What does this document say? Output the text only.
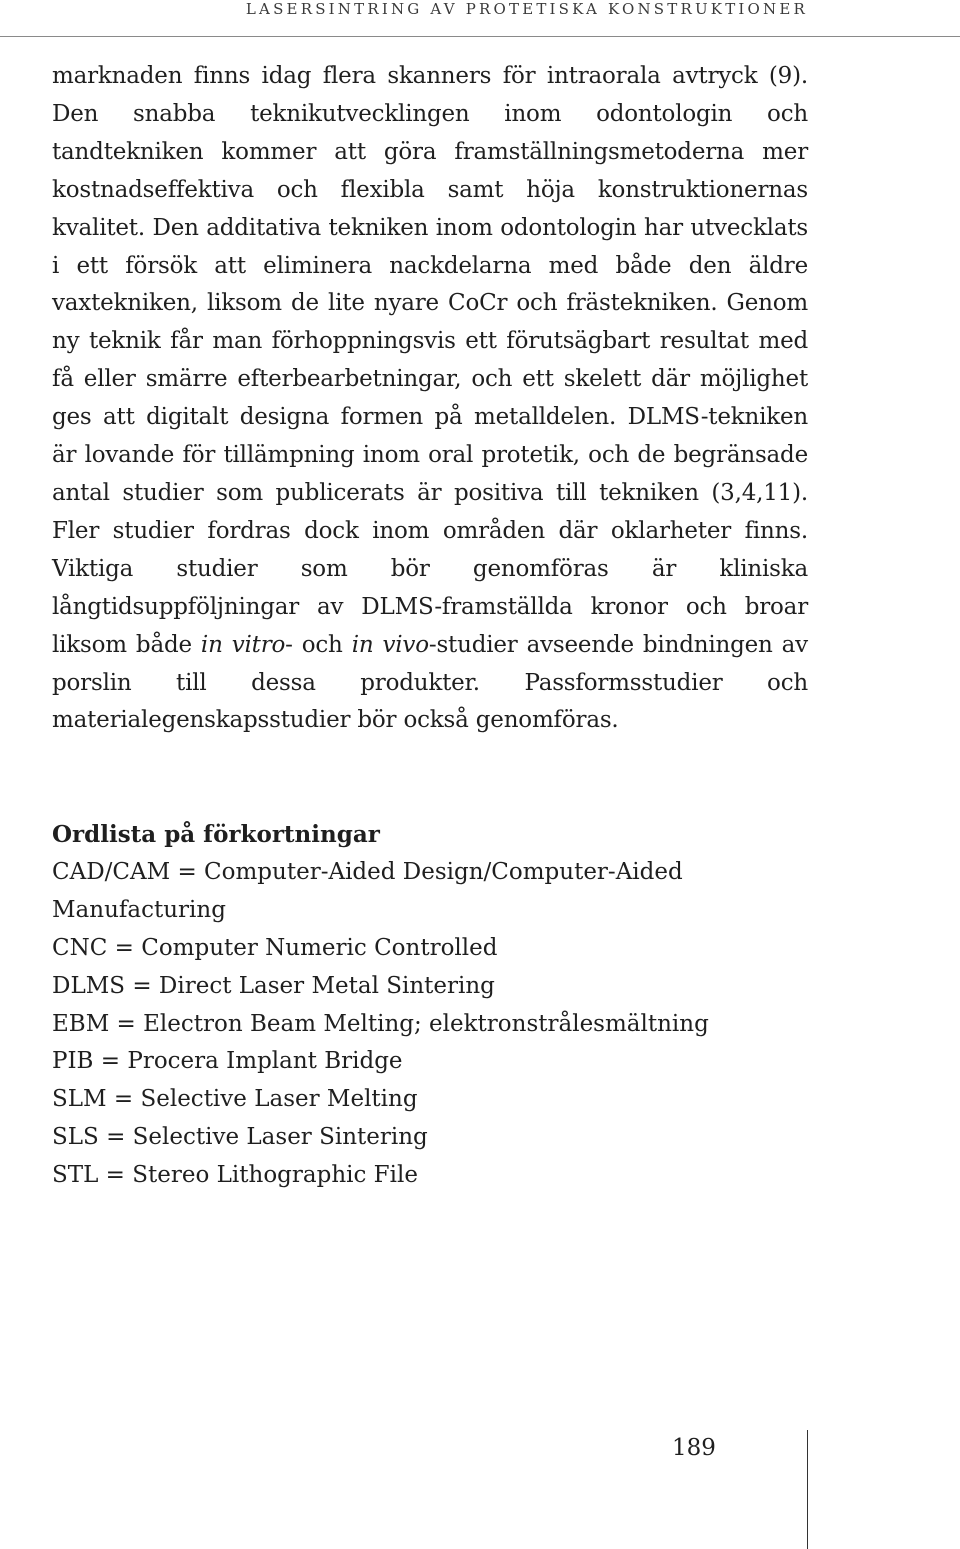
LASERSINTRING AV PROTETISKA KONSTRUKTIONER
marknaden finns idag flera skanners för intraorala avtryck (9). Den snabba teknikutvecklingen inom odontologin och tandtekniken kommer att göra framställningsmetoderna mer kostnadseffektiva och flexibla samt höja konstruktionernas kvalitet. Den additativa tekniken inom odontologin har utvecklats i ett försök att eliminera nackdelarna med både den äldre vaxtekniken, liksom de lite nyare CoCr och frästekniken. Genom ny teknik får man förhoppningsvis ett förutsägbart resultat med få eller smärre efterbearbetningar, och ett skelett där möjlighet ges att digitalt designa formen på metalldelen. DLMS-tekniken är lovande för tillämpning inom oral protetik, och de begränsade antal studier som publicerats är positiva till tekniken (3,4,11). Fler studier fordras dock inom områden där oklarheter finns. Viktiga studier som bör genomföras är kliniska långtidsuppföljningar av DLMS-framställda kronor och broar liksom både in vitro- och in vivo-studier avseende bindningen av porslin till dessa produkter. Passformsstudier och materialegenskapsstudier bör också genomföras.
Ordlista på förkortningar
CAD/CAM = Computer-Aided Design/Computer-Aided Manufacturing
CNC = Computer Numeric Controlled
DLMS = Direct Laser Metal Sintering
EBM = Electron Beam Melting; elektronstrålesmältning
PIB = Procera Implant Bridge
SLM = Selective Laser Melting
SLS = Selective Laser Sintering
STL = Stereo Lithographic File
189
